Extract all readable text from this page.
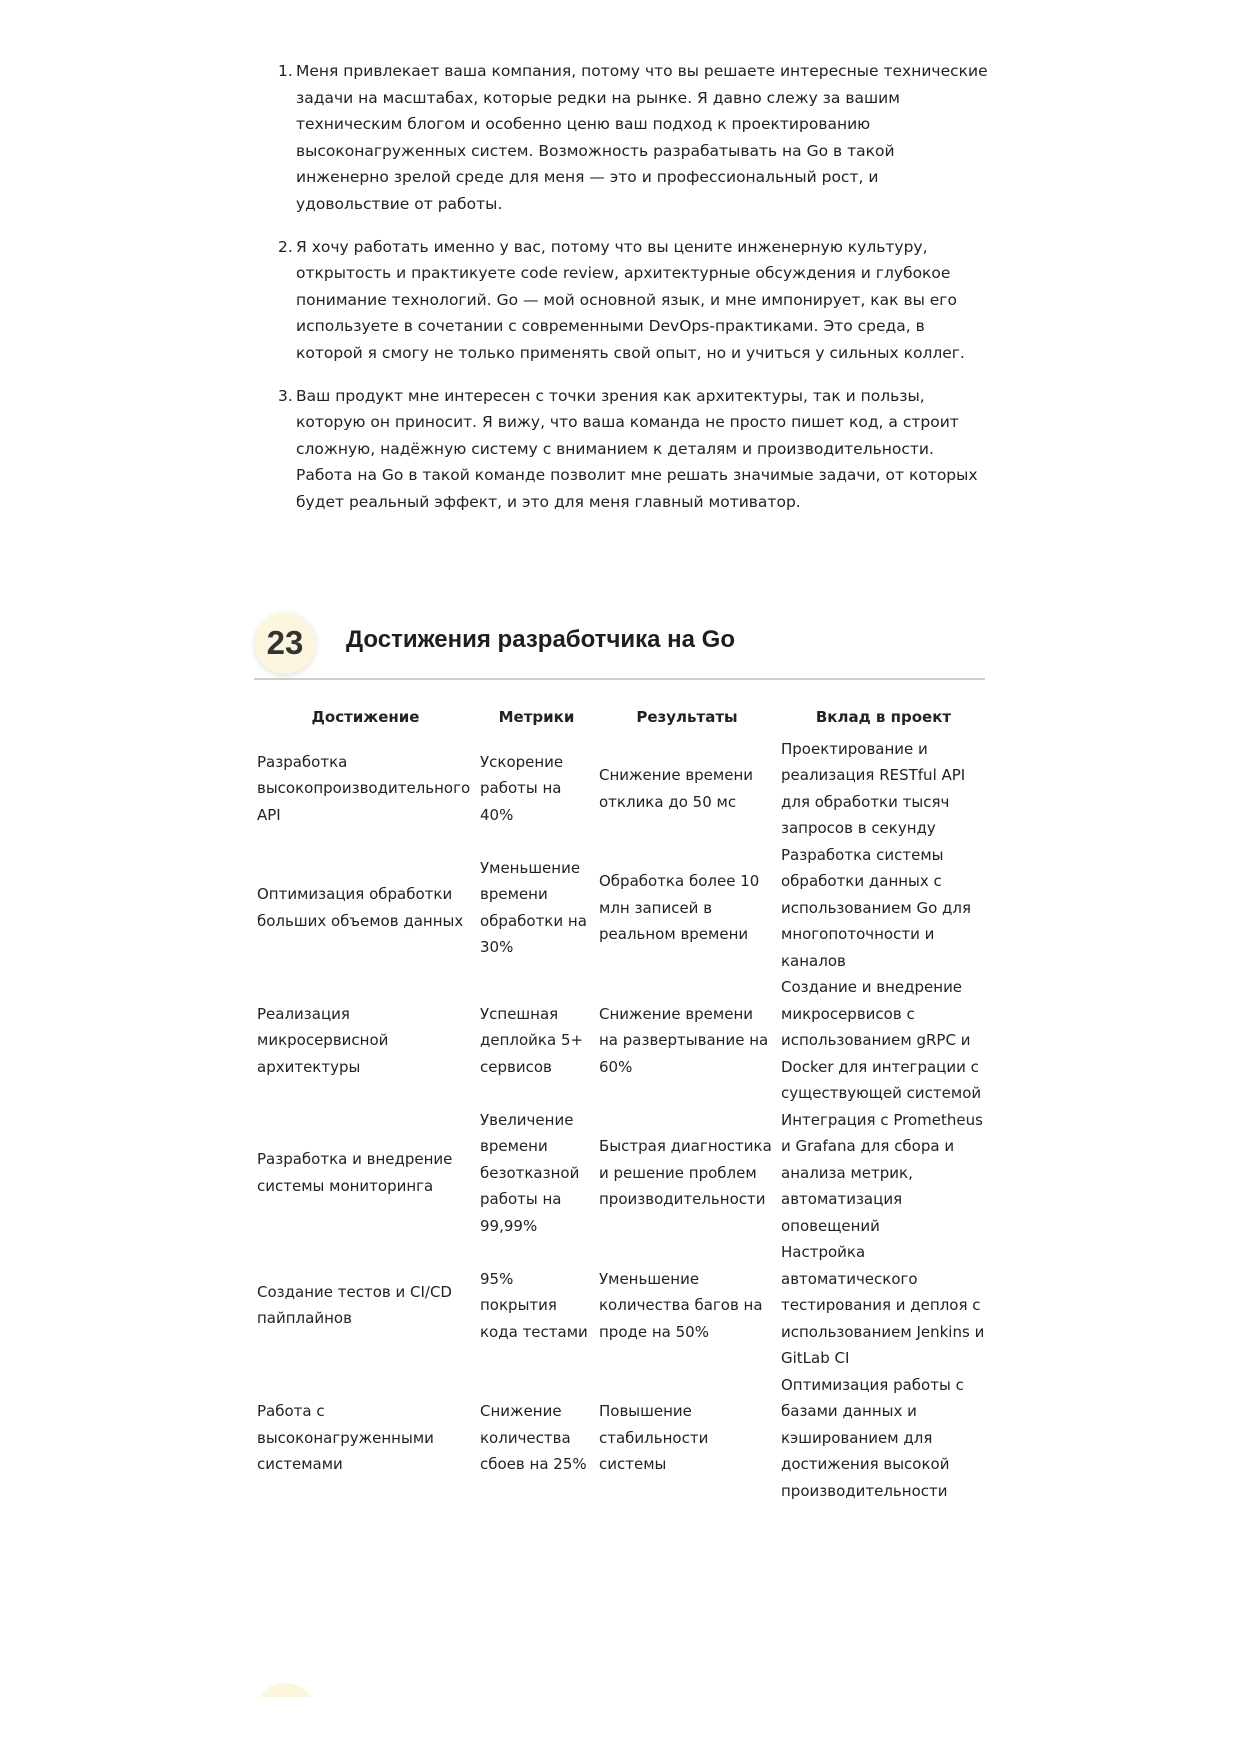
1. Меня привлекает ваша компания, потому что вы решаете интересные технические задачи на масштабах, которые редки на рынке. Я давно слежу за вашим техническим блогом и особенно ценю ваш подход к проектированию высоконагруженных систем. Возможность разрабатывать на Go в такой инженерно зрелой среде для меня — это и профессиональный рост, и удовольствие от работы.
2. Я хочу работать именно у вас, потому что вы цените инженерную культуру, открытость и практикуете code review, архитектурные обсуждения и глубокое понимание технологий. Go — мой основной язык, и мне импонирует, как вы его используете в сочетании с современными DevOps-практиками. Это среда, в которой я смогу не только применять свой опыт, но и учиться у сильных коллег.
3. Ваш продукт мне интересен с точки зрения как архитектуры, так и пользы, которую он приносит. Я вижу, что ваша команда не просто пишет код, а строит сложную, надёжную систему с вниманием к деталям и производительности. Работа на Go в такой команде позволит мне решать значимые задачи, от которых будет реальный эффект, и это для меня главный мотиватор.
23	Достижения разработчика на Go
Достижение	Метрики	Результаты	Вклад в проект
Разработка высокопроизводительного API	Ускорение работы на 40%	Снижение времени отклика до 50 мс	Проектирование и реализация RESTful API для обработки тысяч запросов в секунду
Оптимизация обработки больших объемов данных	Уменьшение времени обработки на 30%	Обработка более 10 млн записей в реальном времени	Разработка системы обработки данных с использованием Go для многопоточности и каналов
Реализация микросервисной архитектуры	Успешная деплойка 5+ сервисов	Снижение времени на развертывание на 60%	Создание и внедрение микросервисов с использованием gRPC и Docker для интеграции с существующей системой
Разработка и внедрение системы мониторинга	Увеличение времени безотказной работы на 99,99%	Быстрая диагностика и решение проблем производительности	Интеграция с Prometheus и Grafana для сбора и анализа метрик, автоматизация оповещений
Создание тестов и CI/CD пайплайнов	95% покрытия кода тестами	Уменьшение количества багов на проде на 50%	Настройка автоматического тестирования и деплоя с использованием Jenkins и GitLab CI
Работа с высоконагруженными системами	Снижение количества сбоев на 25%	Повышение стабильности системы	Оптимизация работы с базами данных и кэшированием для достижения высокой производительности
